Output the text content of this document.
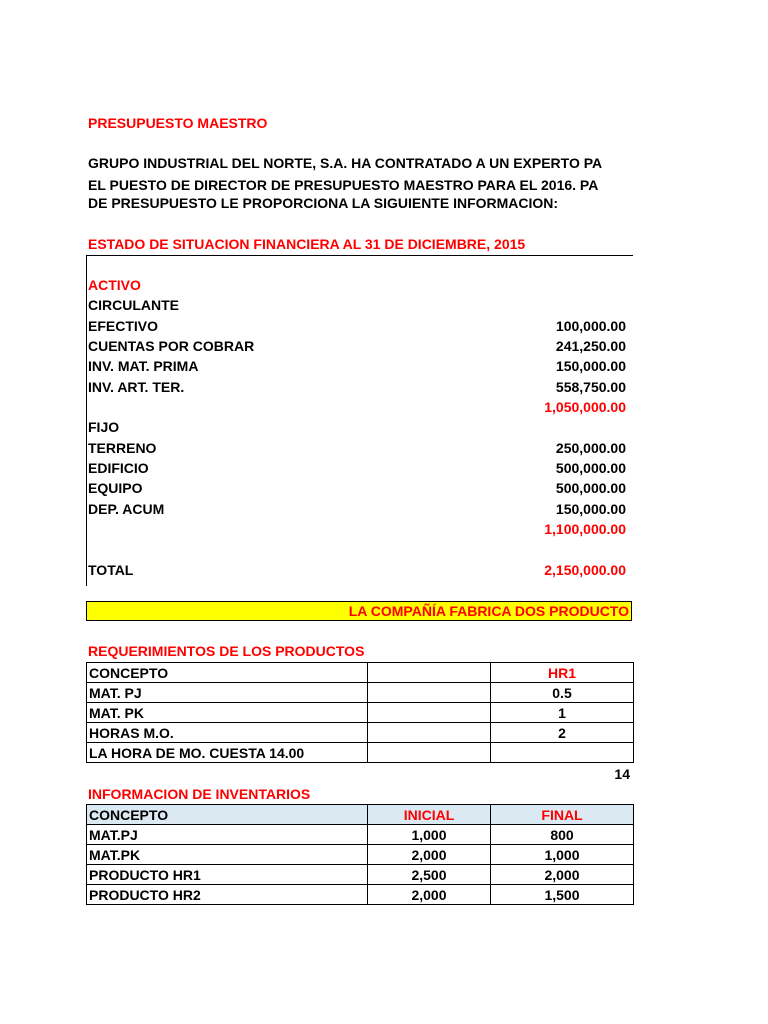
PRESUPUESTO MAESTRO
GRUPO INDUSTRIAL DEL NORTE, S.A. HA CONTRATADO A UN EXPERTO PA
EL PUESTO DE DIRECTOR DE PRESUPUESTO MAESTRO PARA EL 2016. PA
DE PRESUPUESTO LE PROPORCIONA LA SIGUIENTE INFORMACION:
ESTADO DE SITUACION FINANCIERA AL 31 DE DICIEMBRE, 2015
ACTIVO
CIRCULANTE
EFECTIVO	100,000.00
CUENTAS POR COBRAR	241,250.00
INV. MAT. PRIMA	150,000.00
INV. ART. TER.	558,750.00
1,050,000.00
FIJO
TERRENO	250,000.00
EDIFICIO	500,000.00
EQUIPO	500,000.00
DEP. ACUM	150,000.00
1,100,000.00
TOTAL	2,150,000.00
LA COMPAÑÍA FABRICA DOS PRODUCTO
REQUERIMIENTOS DE LOS PRODUCTOS
CONCEPTO		HR1
MAT. PJ		0.5
MAT. PK		1
HORAS M.O.		2
LA HORA DE MO. CUESTA 14.00		
14
INFORMACION DE INVENTARIOS
CONCEPTO	INICIAL	FINAL
MAT.PJ	1,000	800
MAT.PK	2,000	1,000
PRODUCTO HR1	2,500	2,000
PRODUCTO HR2	2,000	1,500
